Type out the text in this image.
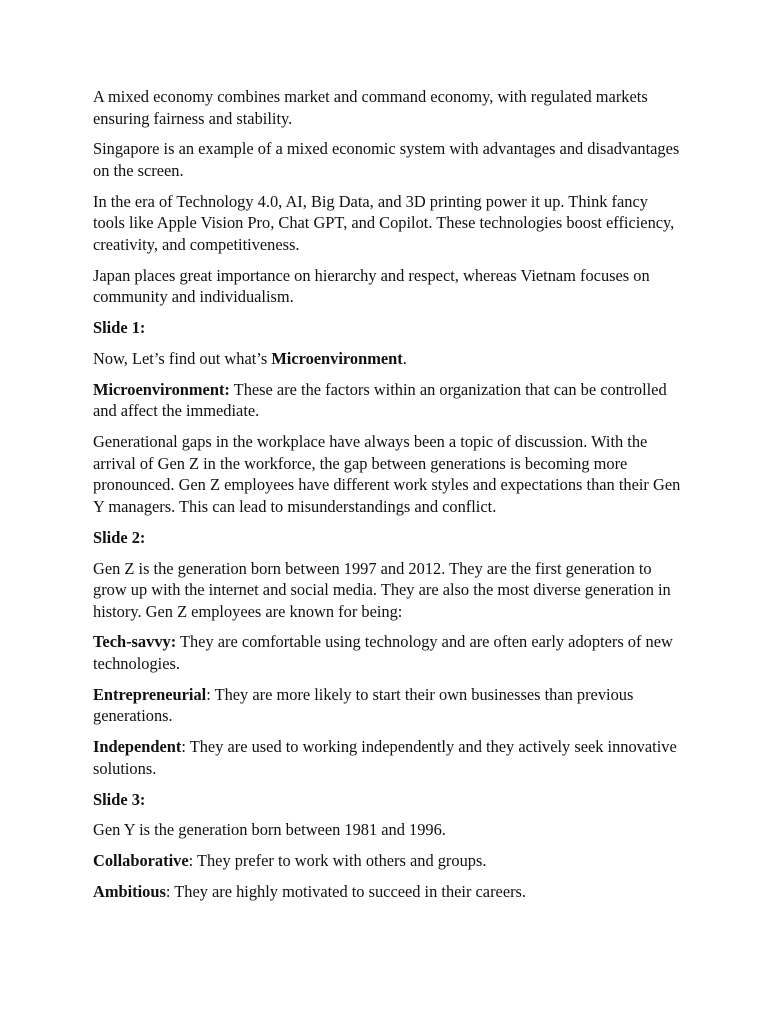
A mixed economy combines market and command economy, with regulated markets ensuring fairness and stability.

Singapore is an example of a mixed economic system with advantages and disadvantages on the screen.

In the era of Technology 4.0, AI, Big Data, and 3D printing power it up. Think fancy tools like Apple Vision Pro, Chat GPT, and Copilot. These technologies boost efficiency, creativity, and competitiveness.

Japan places great importance on hierarchy and respect, whereas Vietnam focuses on community and individualism.

Slide 1:

Now, Let’s find out what’s Microenvironment.

Microenvironment: These are the factors within an organization that can be controlled and affect the immediate.

Generational gaps in the workplace have always been a topic of discussion. With the arrival of Gen Z in the workforce, the gap between generations is becoming more pronounced. Gen Z employees have different work styles and expectations than their Gen Y managers. This can lead to misunderstandings and conflict.

Slide 2:

Gen Z is the generation born between 1997 and 2012. They are the first generation to grow up with the internet and social media. They are also the most diverse generation in history. Gen Z employees are known for being:

Tech-savvy: They are comfortable using technology and are often early adopters of new technologies.

Entrepreneurial: They are more likely to start their own businesses than previous generations.

Independent: They are used to working independently and they actively seek innovative solutions.

Slide 3:

Gen Y is the generation born between 1981 and 1996.

Collaborative: They prefer to work with others and groups.

Ambitious: They are highly motivated to succeed in their careers.
